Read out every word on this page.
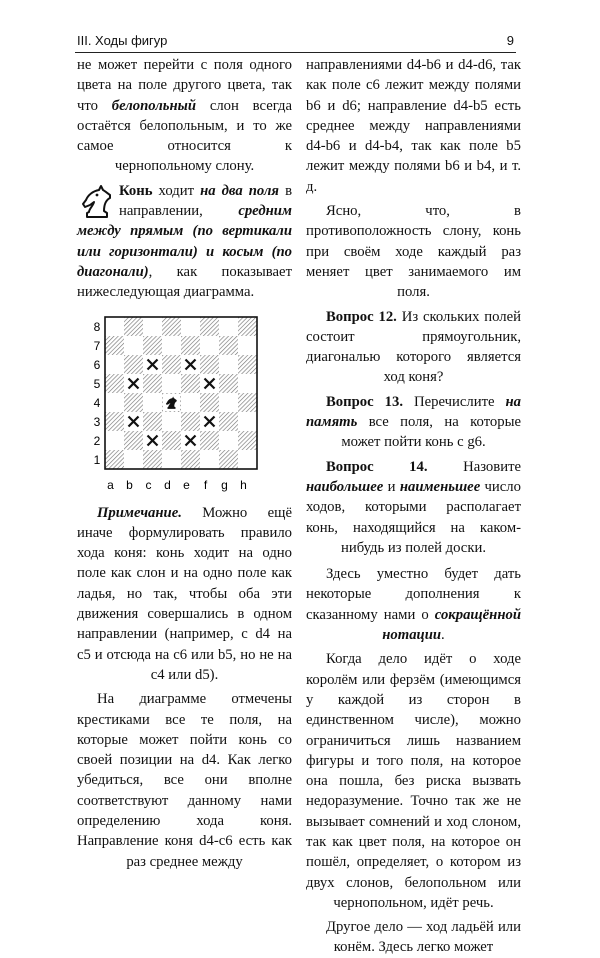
III. Ходы фигур	9

не может перейти с поля одного цвета на поле другого цвета, так что белопольный слон всегда остаётся белопольным, и то же самое относится к чернопольному слону.

Конь ходит на два поля в направлении, средним между прямым (по вертикали или горизонтали) и косым (по диагонали), как показывает нижеследующая диаграмма.

8
7
6
5
4
3
2
1
a b c d e f g h

Примечание. Можно ещё иначе формулировать правило хода коня: конь ходит на одно поле как слон и на одно поле как ладья, но так, чтобы оба эти движения совершались в одном направлении (например, с d4 на c5 и отсюда на c6 или b5, но не на c4 или d5).

На диаграмме отмечены крестиками все те поля, на которые может пойти конь со своей позиции на d4. Как легко убедиться, все они вполне соответствуют данному нами определению хода коня. Направление коня d4-c6 есть как раз среднее между

направлениями d4-b6 и d4-d6, так как поле c6 лежит между полями b6 и d6; направление d4-b5 есть среднее между направлениями d4-b6 и d4-b4, так как поле b5 лежит между полями b6 и b4, и т. д.

Ясно, что, в противоположность слону, конь при своём ходе каждый раз меняет цвет занимаемого им поля.

Вопрос 12. Из скольких полей состоит прямоугольник, диагональю которого является ход коня?

Вопрос 13. Перечислите на память все поля, на которые может пойти конь с g6.

Вопрос 14. Назовите наибольшее и наименьшее число ходов, которыми располагает конь, находящийся на каком-нибудь из полей доски.

Здесь уместно будет дать некоторые дополнения к сказанному нами о сокращённой нотации.

Когда дело идёт о ходе королём или ферзём (имеющимся у каждой из сторон в единственном числе), можно ограничиться лишь названием фигуры и того поля, на которое она пошла, без риска вызвать недоразумение. Точно так же не вызывает сомнений и ход слоном, так как цвет поля, на которое он пошёл, определяет, о котором из двух слонов, белопольном или чернопольном, идёт речь.

Другое дело — ход ладьёй или конём. Здесь легко может
